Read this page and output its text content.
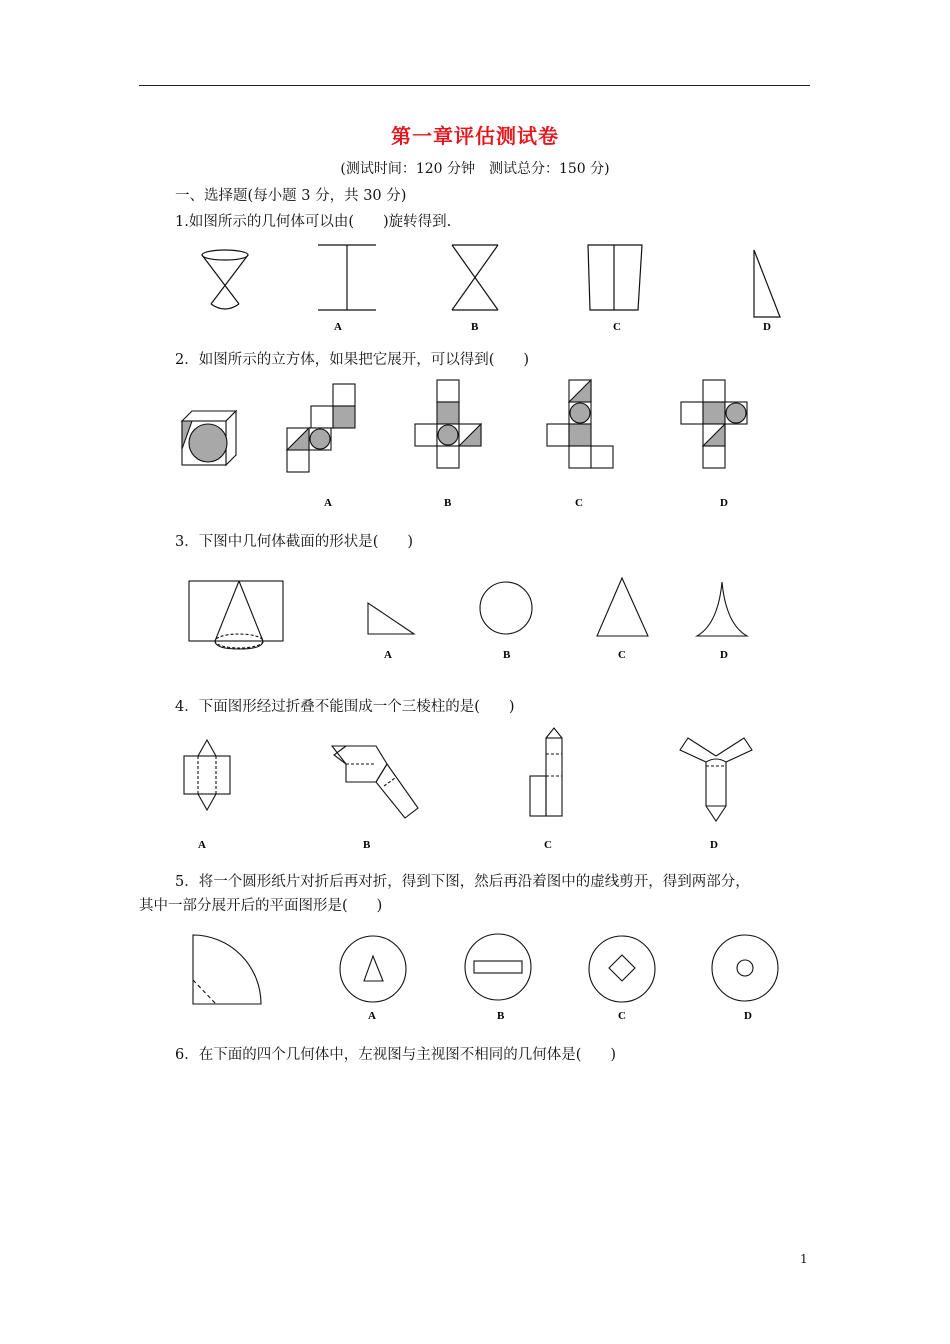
第一章评估测试卷
(测试时间：120 分钟　测试总分：150 分)
一、选择题(每小题 3 分，共 30 分)
1.如图所示的几何体可以由(　　)旋转得到.
A	B	C	D
2．如图所示的立方体，如果把它展开，可以得到(　　)
A	B	C	D
3．下图中几何体截面的形状是(　　)
A	B	C	D
4．下面图形经过折叠不能围成一个三棱柱的是(　　)
A	B	C	D
5．将一个圆形纸片对折后再对折，得到下图，然后再沿着图中的虚线剪开，得到两部分，
其中一部分展开后的平面图形是(　　)
A	B	C	D
6．在下面的四个几何体中，左视图与主视图不相同的几何体是(　　)
1
